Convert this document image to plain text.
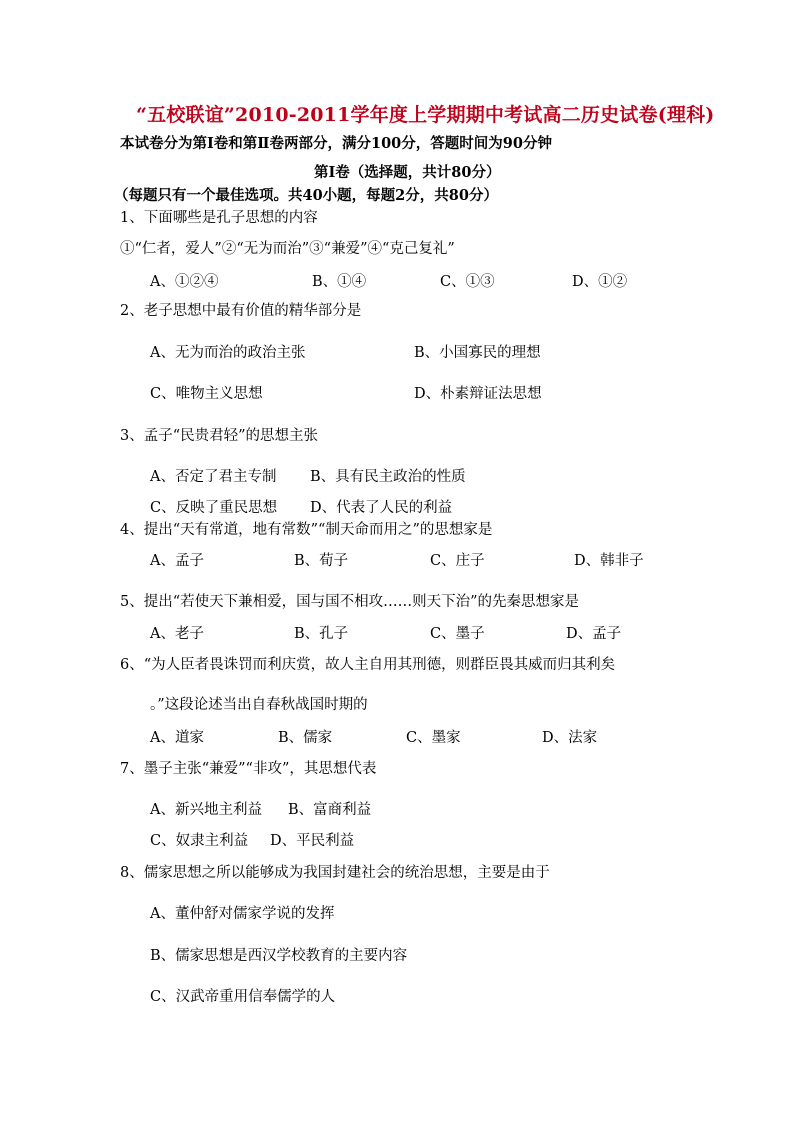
“五校联谊”2010-2011学年度上学期期中考试高二历史试卷(理科)
本试卷分为第Ⅰ卷和第Ⅱ卷两部分，满分100分，答题时间为90分钟
第Ⅰ卷（选择题，共计80分）
（每题只有一个最佳选项。共40小题，每题2分，共80分）
1、下面哪些是孔子思想的内容
①“仁者，爱人”②“无为而治”③“兼爱”④“克己复礼”
A、①②④	B、①④	C、①③	D、①②
2、老子思想中最有价值的精华部分是
A、无为而治的政治主张	B、小国寡民的理想
C、唯物主义思想	D、朴素辩证法思想
3、孟子“民贵君轻”的思想主张
A、否定了君主专制 B、具有民主政治的性质
C、反映了重民思想 D、代表了人民的利益
4、提出“天有常道，地有常数”“制天命而用之”的思想家是
A、孟子	B、荀子	C、庄子	D、韩非子
5、提出“若使天下兼相爱，国与国不相攻……则天下治”的先秦思想家是
A、老子	B、孔子	C、墨子	D、孟子
6、“为人臣者畏诛罚而利庆赏，故人主自用其刑德，则群臣畏其威而归其利矣
。”这段论述当出自春秋战国时期的
A、道家	B、儒家	C、墨家	D、法家
7、墨子主张“兼爱”“非攻”，其思想代表
A、新兴地主利益 B、富商利益
C、奴隶主利益 D、平民利益
8、儒家思想之所以能够成为我国封建社会的统治思想，主要是由于
A、董仲舒对儒家学说的发挥
B、儒家思想是西汉学校教育的主要内容
C、汉武帝重用信奉儒学的人
